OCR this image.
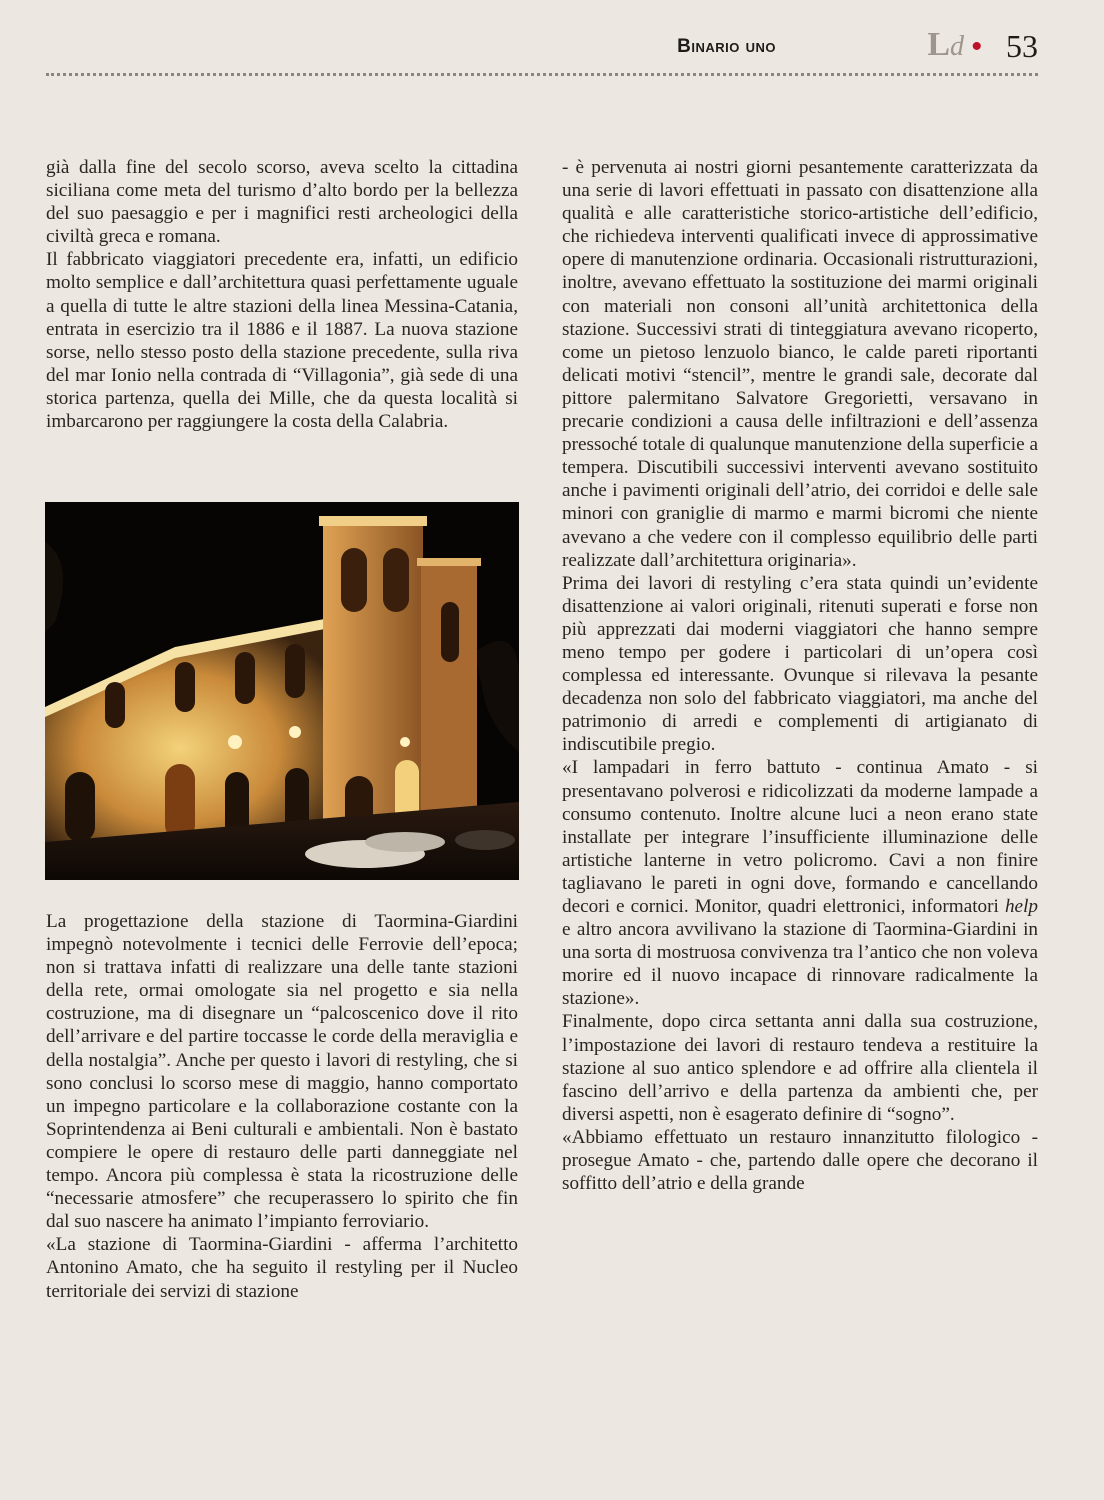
Binario uno	Ld • 53

già dalla fine del secolo scorso, aveva scelto la cittadina siciliana come meta del turismo d’alto bordo per la bellezza del suo paesaggio e per i magnifici resti archeologici della civiltà greca e romana.

Il fabbricato viaggiatori precedente era, infatti, un edificio molto semplice e dall’architettura quasi perfettamente uguale a quella di tutte le altre stazioni della linea Messina-Catania, entrata in esercizio tra il 1886 e il 1887. La nuova stazione sorse, nello stesso posto della stazione precedente, sulla riva del mar Ionio nella contrada di “Villagonia”, già sede di una storica partenza, quella dei Mille, che da questa località si imbarcarono per raggiungere la costa della Calabria.

La progettazione della stazione di Taormina-Giardini impegnò notevolmente i tecnici delle Ferrovie dell’epoca; non si trattava infatti di realizzare una delle tante stazioni della rete, ormai omologate sia nel progetto e sia nella costruzione, ma di disegnare un “palcoscenico dove il rito dell’arrivare e del partire toccasse le corde della meraviglia e della nostalgia”. Anche per questo i lavori di restyling, che si sono conclusi lo scorso mese di maggio, hanno comportato un impegno particolare e la collaborazione costante con la Soprintendenza ai Beni culturali e ambientali. Non è bastato compiere le opere di restauro delle parti danneggiate nel tempo. Ancora più complessa è stata la ricostruzione delle “necessarie atmosfere” che recuperassero lo spirito che fin dal suo nascere ha animato l’impianto ferroviario.

«La stazione di Taormina-Giardini - afferma l’architetto Antonino Amato, che ha seguito il restyling per il Nucleo territoriale dei servizi di stazione

- è pervenuta ai nostri giorni pesantemente caratterizzata da una serie di lavori effettuati in passato con disattenzione alla qualità e alle caratteristiche storico-artistiche dell’edificio, che richiedeva interventi qualificati invece di approssimative opere di manutenzione ordinaria. Occasionali ristrutturazioni, inoltre, avevano effettuato la sostituzione dei marmi originali con materiali non consoni all’unità architettonica della stazione. Successivi strati di tinteggiatura avevano ricoperto, come un pietoso lenzuolo bianco, le calde pareti riportanti delicati motivi “stencil”, mentre le grandi sale, decorate dal pittore palermitano Salvatore Gregorietti, versavano in precarie condizioni a causa delle infiltrazioni e dell’assenza pressoché totale di qualunque manutenzione della superficie a tempera. Discutibili successivi interventi avevano sostituito anche i pavimenti originali dell’atrio, dei corridoi e delle sale minori con graniglie di marmo e marmi bicromi che niente avevano a che vedere con il complesso equilibrio delle parti realizzate dall’architettura originaria».

Prima dei lavori di restyling c’era stata quindi un’evidente disattenzione ai valori originali, ritenuti superati e forse non più apprezzati dai moderni viaggiatori che hanno sempre meno tempo per godere i particolari di un’opera così complessa ed interessante. Ovunque si rilevava la pesante decadenza non solo del fabbricato viaggiatori, ma anche del patrimonio di arredi e complementi di artigianato di indiscutibile pregio.

«I lampadari in ferro battuto - continua Amato - si presentavano polverosi e ridicolizzati da moderne lampade a consumo contenuto. Inoltre alcune luci a neon erano state installate per integrare l’insufficiente illuminazione delle artistiche lanterne in vetro policromo. Cavi a non finire tagliavano le pareti in ogni dove, formando e cancellando decori e cornici. Monitor, quadri elettronici, informatori help e altro ancora avvilivano la stazione di Taormina-Giardini in una sorta di mostruosa convivenza tra l’antico che non voleva morire ed il nuovo incapace di rinnovare radicalmente la stazione».

Finalmente, dopo circa settanta anni dalla sua costruzione, l’impostazione dei lavori di restauro tendeva a restituire la stazione al suo antico splendore e ad offrire alla clientela il fascino dell’arrivo e della partenza da ambienti che, per diversi aspetti, non è esagerato definire di “sogno”.

«Abbiamo effettuato un restauro innanzitutto filologico - prosegue Amato - che, partendo dalle opere che decorano il soffitto dell’atrio e della grande
